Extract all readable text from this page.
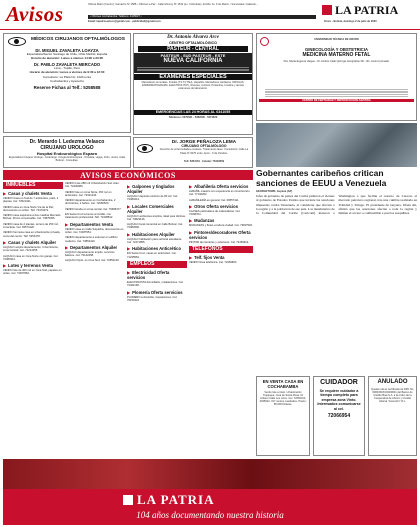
Avisos	Oficina Diario (Centro): Camacho Nº 1585 • Oficina La Paz - Calle Monroy Nº 1510 (ex. Colombia) • El Alto: Av. 6 de Marzo • Sucursales: Calacoto...
• Oficinas Cochabamba: Teléfono: 4415027 •
Email: lapatria.avisos@gmail.com - publicidad@gmail.com
LA PATRIA
Oruro - Bolivia, domingo 2 de julio de 2023
MÉDICOS CIRUJANOS OFTALMÓLOGOS
Dr. MIGUEL ZAVALETA LOAYZA
Especialista/Sector Santiago de Chile, Chile Madrid, España
Horario de atención: Lunes a viernes 14:00 a 20:00
Dr. PABLO ZAVALETA MERCADO
Lima - Trujillo, Perú
Horario de atención: Lunes a viernes de 9:30 a 12:00
Consultorio: La Plata No. 1020 entre
Cochabamba y Ayacucho
Reserve Fichas al Telf.: 5258588
Dr. Merardo I. Ledezma Velasco
CIRUJANO UROLOGO
Hospital Endourológico Espaen
Especialista Cirujano Urólogo - Andrólogo. Cirugía Endoscópica - Próstata, vejiga, riñón, uretra. Calle Bolívar - Consultas.
Dr. Antonio Álvarez Arce
CENTRO OFTALMOLÓGICO
PASTEUR - CENTRAL
PASTEUR - SUD PASTEUR - ESTE
NUEVA CALIFORNIA
EXAMENES ESPECIALES
Marcadores tumorales, tiroides (T3,T4,TSH), Hepatitis, Marcadores cardiacos, DROGAS, ESPERMATOGRAMA, ELECTROLITOS, Glucosa, Cortisol, Prolactina, Insulina y demás exámenes de laboratorio.
EMERGENCIAS LAS 24 HORAS AL 6341055
Teléfonos: 5270601 - 5282200 - 5274620
Dr. JORGE PEÑALOZA LEMA
CIRUJANO OFTALMÓLOGO
Atención de enfermedades oculares. Tratamiento láser. Consultorio: Calle La Plata Nº 6076 entre Junín - 6 de Octubre.
Telf. 5284154 - Celular: 76403059
UNIVERSIDAD TÉCNICA DE ORURO
GINECOLOGÍA Y OBSTETRICIA
MEDICINA MATERNO FETAL
Dra. María Eugenia Vargas - Dr. Andrés Calle Quiroga. Ecografías 3D - 4D, control prenatal.
CENTRO DE FERTILIDAD Y REPRODUCCIÓN ASISTIDA
Gobernantes caribeños critican sanciones de EEUU a Venezuela
GEORGETOWN, Guyana (AP)
Jefes de gobierno de países del Caribe pidieron el viernes al gobierno de Estados Unidos que levante las sanciones impuestas contra Venezuela, al considerar que afectan a la región y a la población de ese país. Los mandatarios de la Comunidad del Caribe (Caricom) instaron a Washington a que facilite el retorno de Caracas al mercado petrolero regional, tras una cumbre realizada en Trinidad y Tobago. El presidente de Guyana, Irfaan Ali, afirmó que las sanciones afectan a toda la región y limitan el acceso a combustible a precios asequibles.
AVISOS ECONÓMICOS
INMUEBLES
▶ Casas y chalets Venta
VENDO Casa en Sud de 7 ambientes, patio, 2 plantas. Cel. 72521341.
VENDO casa en zona Norte Vía de la Paz, documentos en orden. Telf. 73470472.
VENDO casa esquinera a dos cuadras Mercado Bolívar. Precio conversable. Cel. 73875455.
VENDO casa de 2 plantas, terreno de 250 m2, zona Este. Cel. 69574120.
VENDO hermosa casa en urbanización privada, cerca del centro. Telf. 5254478.
▶ Casas y chalets Alquiler
ALQUILO amplio departamento, 3 dormitorios, zona Central. Cel. 71214455.
ALQUILO casa en zona Norte con garaje. Cel. 72483312.
▶ Lotes y terrenos Venta
VENDO lote de 300 m2 en zona Sud, papeles en orden. Cel. 73457862.
VENDO Lote 288 m2 Urbanización San Juan. Cel. 72430080.
VENDO lote en zona Norte, 450 m2 en anticrético. Cel. 72321244.
VENDO departamento en Cochabamba, 2 dormitorios, 2 baños. Cel. 72066520.
VENDO tienda en zona central. Cel. 79386477.
EN Santa Cruz terrenos al crédito, con tratamiento preferencial. Telf. 72438812.
▶ Departamentos Venta
VENDO casa en Calle Suipacha, documentos en orden. Cel. 72487951.
VENDO departamento a estrenar en edificio moderno. Cel. 73864410.
▶ Departamentos Alquiler
ALQUILO departamento amplio, servicios básicos. Cel. 76142258.
ALQUILO Dpto. en zona Sud. Cel. 71852130.
▶ Galpones y tinglados Alquiler
ALQUILO depósito céntrico de 80 m2. Cel. 72483214.
▶ Locales Comerciales Alquiler
ALQUILO ambientes amplios, ideal para oficinas. Cel. 73823146.
ALQUILO local comercial en Calle Bolívar. Cel. 72484500.
▶ Habitaciones Alquiler
ALQUILO habitación para señorita estudiante. Cel. 72471855.
▶ Habitaciones Anticrético
EN Santa Cruz, casas en anticrético. Cel. 71235581.
EMPLEOS
▶ Electricidad Oferta servicios
ELECTRICISTA domiciliario, instalaciones. Cel. 72461138.
▶ Plomería Oferta servicios
PLOMERO a domicilio, reparaciones. Cel. 76150424.
▶ Albañilería Oferta servicios
ALBAÑIL maestro con experiencia en construcción. Cel. 77140252.
ALBAÑILERÍA en general. Cel. 69557411.
▶ Otros Oferta servicios
CLASES particulares de matemáticas. Cel. 72498711.
▶ Mudanzas
MUDANZAS y fletes a toda la ciudad. Cel. 73817502.
▶ Pintores/decoradores Oferta servicios
PINTOR de interiores y exteriores. Cel. 72459913.
TELÉFONOS
▶ Telf. fijos Venta
VENDO línea telefónica. Cel. 72469823.
EN VENTA CASA EN COCHABAMBA
Vendo lote a título. Urbanización Tiquipaya, zona de Santa Rosa. Di Urbano Calle Los Lirios. Cel. 72069314, 4035022. 317 metros cuadrados. Precio: 85.000 Dólares.
CUIDADOR
Se requiere cuidador a tiempo completo para empresa zona Vinto. Interesados comunicarse al cel.
72066954
ANULADO
Queda nula el certificado de DPF No. 60001518/C0000001 del Banco de Crédito Bisa S.A. a la orden de la Cooperativa de Ahorro y Crédito Abierta "Asunción" R.L.
LA PATRIA
104 años documentando nuestra historia
